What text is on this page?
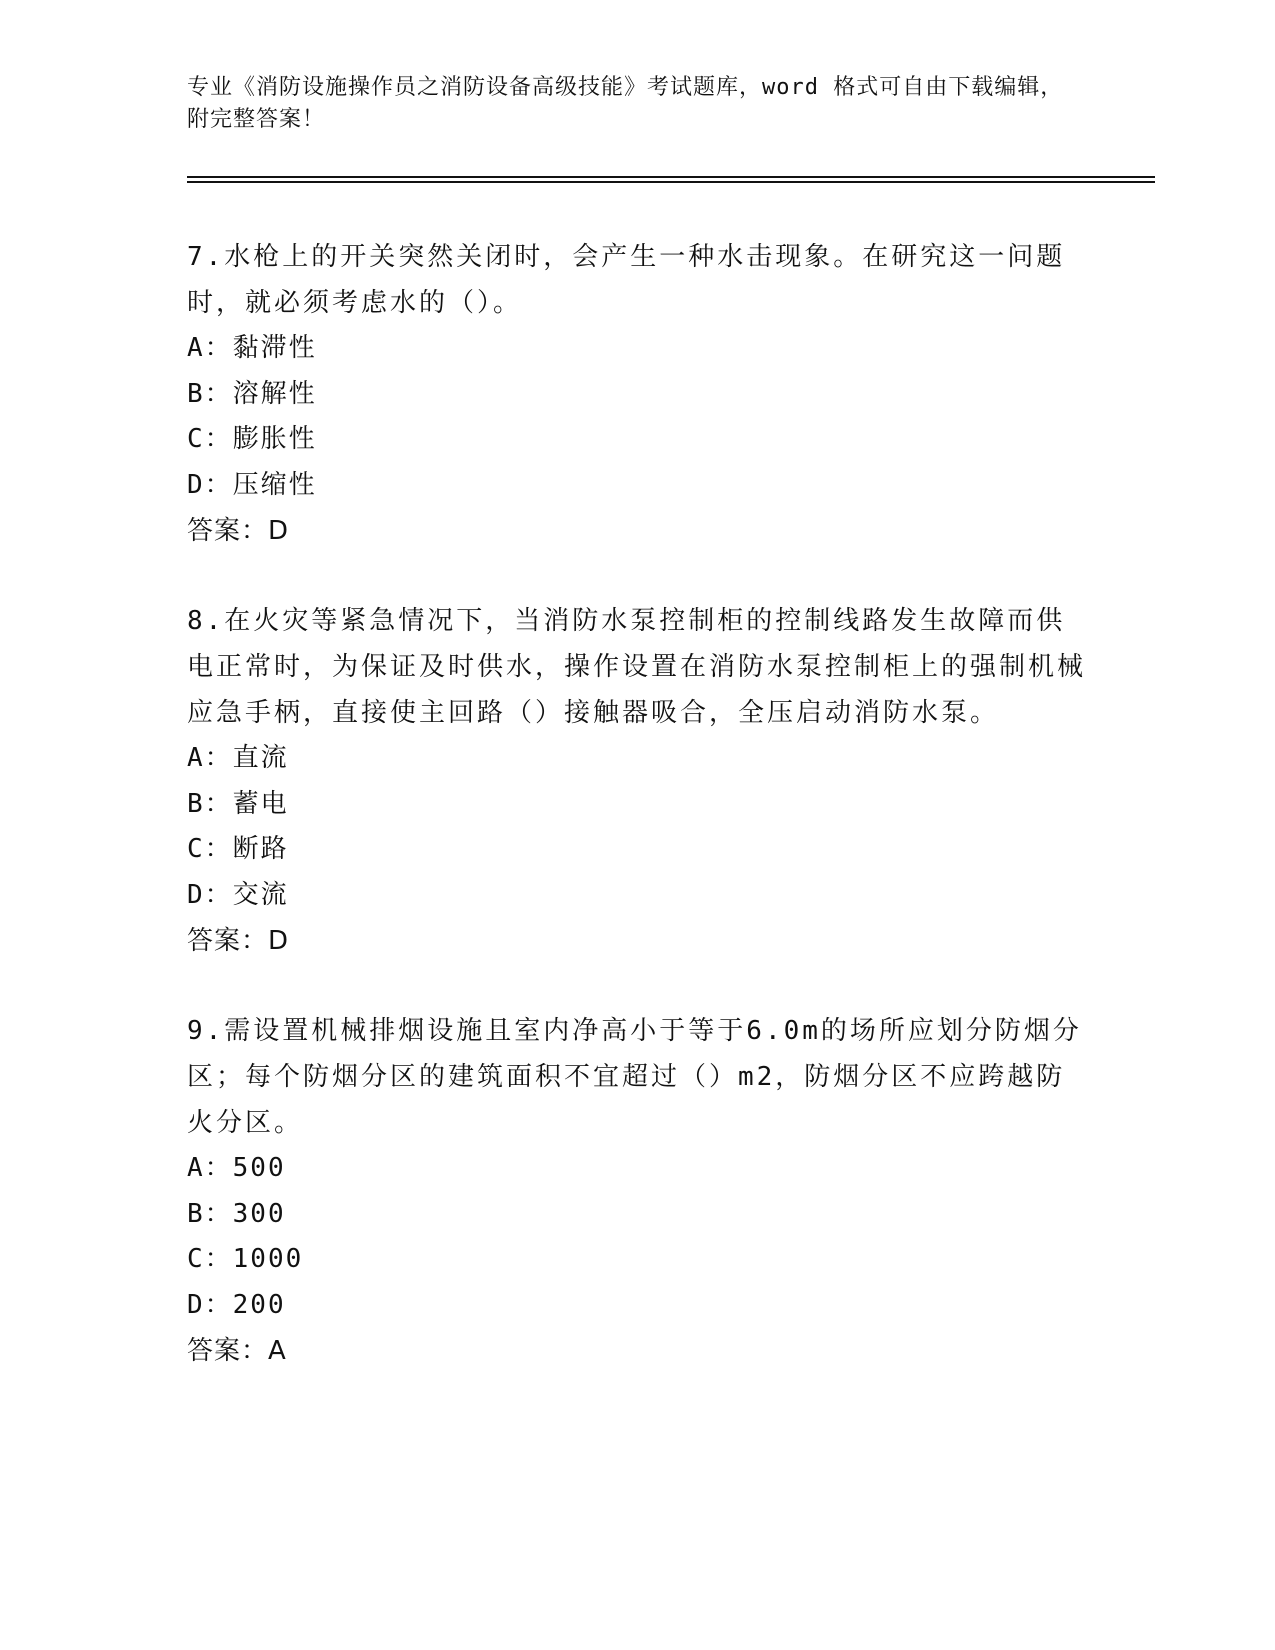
专业《消防设施操作员之消防设备高级技能》考试题库，word 格式可自由下载编辑，附完整答案！
7.水枪上的开关突然关闭时，会产生一种水击现象。在研究这一问题时，就必须考虑水的（）。
A：黏滞性
B：溶解性
C：膨胀性
D：压缩性
答案：D
8.在火灾等紧急情况下，当消防水泵控制柜的控制线路发生故障而供电正常时，为保证及时供水，操作设置在消防水泵控制柜上的强制机械应急手柄，直接使主回路（）接触器吸合，全压启动消防水泵。
A：直流
B：蓄电
C：断路
D：交流
答案：D
9.需设置机械排烟设施且室内净高小于等于6.0m的场所应划分防烟分区；每个防烟分区的建筑面积不宜超过（）m2，防烟分区不应跨越防火分区。
A：500
B：300
C：1000
D：200
答案：A
